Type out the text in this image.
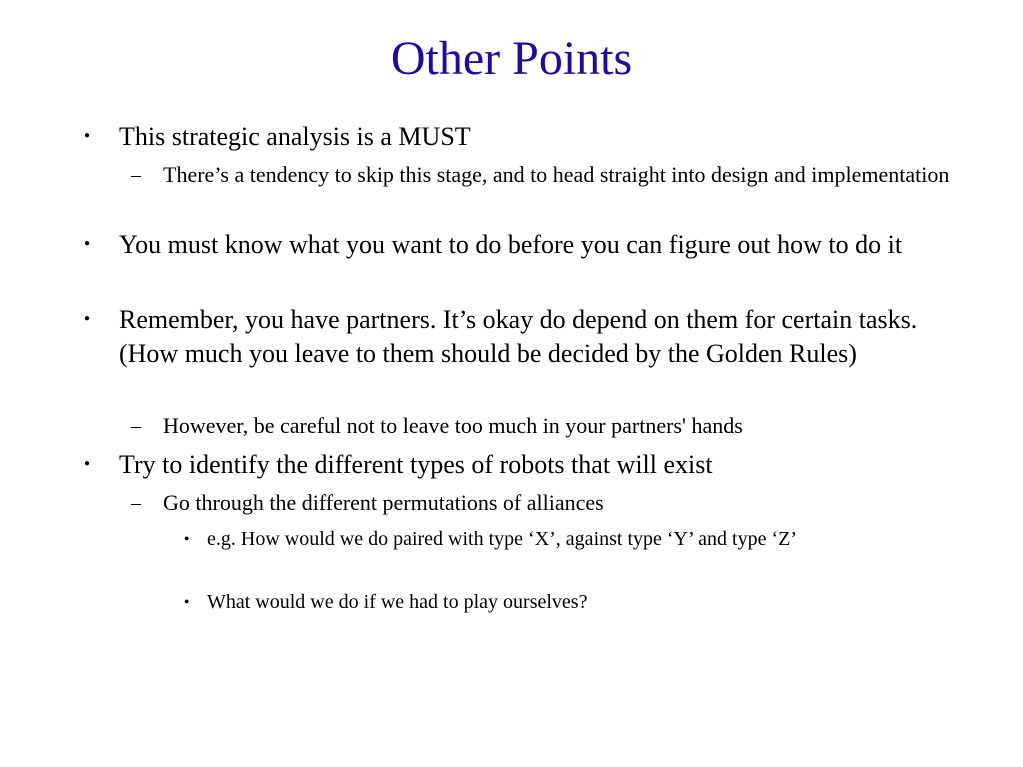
Other Points
● This strategic analysis is a MUST
– There’s a tendency to skip this stage, and to head straight into design and implementation
● You must know what you want to do before you can figure out how to do it
● Remember, you have partners. It’s okay do depend on them for certain tasks. (How much you leave to them should be decided by the Golden Rules)
– However, be careful not to leave too much in your partners' hands
● Try to identify the different types of robots that will exist
– Go through the different permutations of alliances
● e.g. How would we do paired with type ‘X’, against type ‘Y’ and type ‘Z’
● What would we do if we had to play ourselves?
